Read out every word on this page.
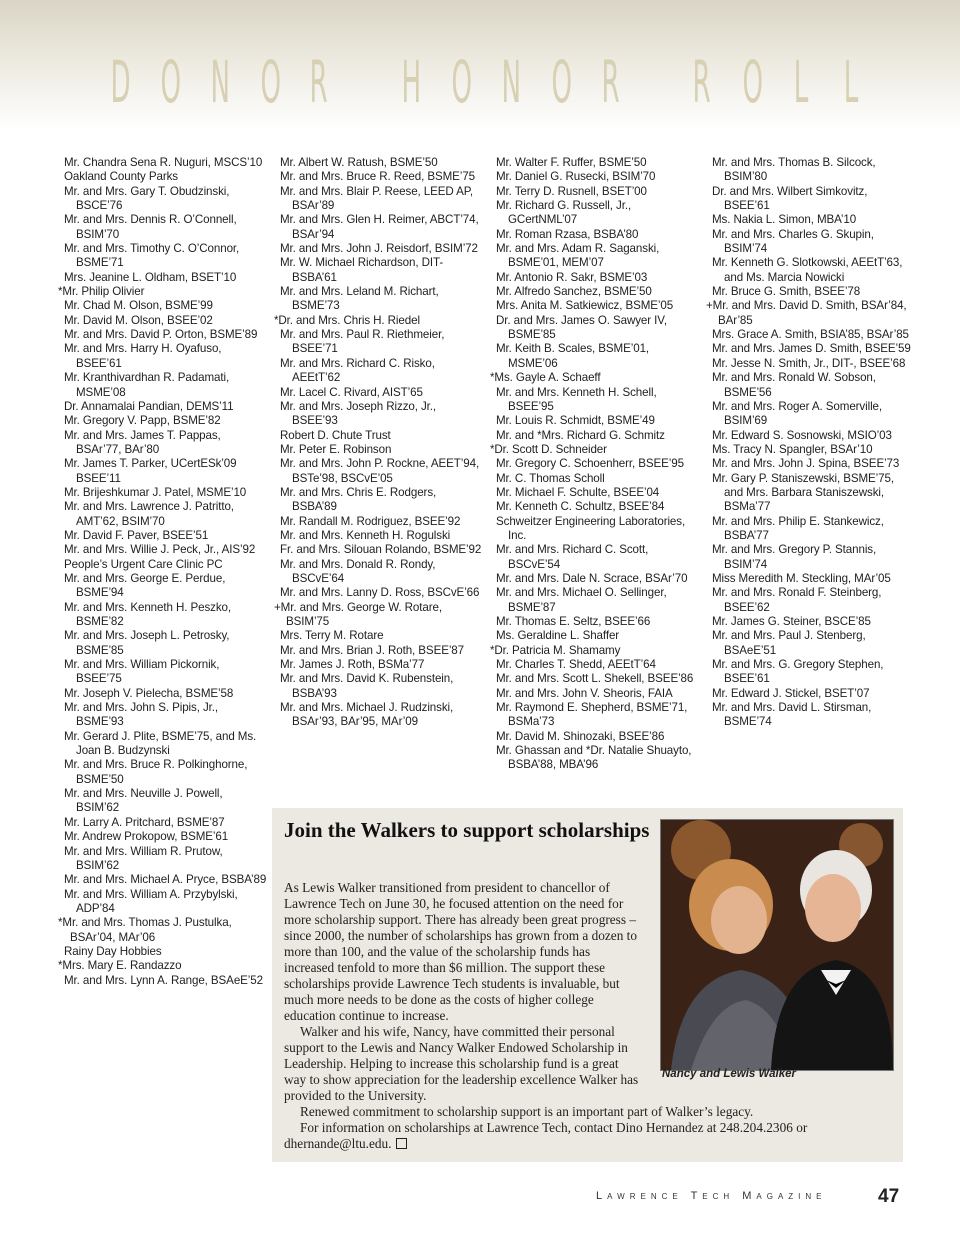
D O N O R H O N O R R O L L
Mr. Chandra Sena R. Nuguri, MSCS’10
Oakland County Parks
Mr. and Mrs. Gary T. Obudzinski, BSCE’76
Mr. and Mrs. Dennis R. O’Connell, BSIM’70
Mr. and Mrs. Timothy C. O’Connor, BSME’71
Mrs. Jeanine L. Oldham, BSET’10
*Mr. Philip Olivier
Mr. Chad M. Olson, BSME’99
Mr. David M. Olson, BSEE’02
Mr. and Mrs. David P. Orton, BSME’89
Mr. and Mrs. Harry H. Oyafuso, BSEE’61
Mr. Kranthivardhan R. Padamati, MSME’08
Dr. Annamalai Pandian, DEMS’11
Mr. Gregory V. Papp, BSME’82
Mr. and Mrs. James T. Pappas, BSAr’77, BAr’80
Mr. James T. Parker, UCertESk’09 BSEE’11
Mr. Brijeshkumar J. Patel, MSME’10
Mr. and Mrs. Lawrence J. Patritto, AMT’62, BSIM’70
Mr. David F. Paver, BSEE’51
Mr. and Mrs. Willie J. Peck, Jr., AIS’92
People’s Urgent Care Clinic PC
Mr. and Mrs. George E. Perdue, BSME’94
Mr. and Mrs. Kenneth H. Peszko, BSME’82
Mr. and Mrs. Joseph L. Petrosky, BSME’85
Mr. and Mrs. William Pickornik, BSEE’75
Mr. Joseph V. Pielecha, BSME’58
Mr. and Mrs. John S. Pipis, Jr., BSME’93
Mr. Gerard J. Plite, BSME’75, and Ms. Joan B. Budzynski
Mr. and Mrs. Bruce R. Polkinghorne, BSME’50
Mr. and Mrs. Neuville J. Powell, BSIM’62
Mr. Larry A. Pritchard, BSME’87
Mr. Andrew Prokopow, BSME’61
Mr. and Mrs. William R. Prutow, BSIM’62
Mr. and Mrs. Michael A. Pryce, BSBA’89
Mr. and Mrs. William A. Przybylski, ADP’84
*Mr. and Mrs. Thomas J. Pustulka, BSAr’04, MAr’06
Rainy Day Hobbies
*Mrs. Mary E. Randazzo
Mr. and Mrs. Lynn A. Range, BSAeE’52
Mr. Albert W. Ratush, BSME’50
Mr. and Mrs. Bruce R. Reed, BSME’75
Mr. and Mrs. Blair P. Reese, LEED AP, BSAr’89
Mr. and Mrs. Glen H. Reimer, ABCT’74, BSAr’94
Mr. and Mrs. John J. Reisdorf, BSIM’72
Mr. W. Michael Richardson, DIT-BSBA’61
Mr. and Mrs. Leland M. Richart, BSME’73
*Dr. and Mrs. Chris H. Riedel
Mr. and Mrs. Paul R. Riethmeier, BSEE’71
Mr. and Mrs. Richard C. Risko, AEEtT’62
Mr. Lacel C. Rivard, AIST’65
Mr. and Mrs. Joseph Rizzo, Jr., BSEE’93
Robert D. Chute Trust
Mr. Peter E. Robinson
Mr. and Mrs. John P. Rockne, AEET’94, BSTe’98, BSCvE’05
Mr. and Mrs. Chris E. Rodgers, BSBA’89
Mr. Randall M. Rodriguez, BSEE’92
Mr. and Mrs. Kenneth H. Rogulski
Fr. and Mrs. Silouan Rolando, BSME’92
Mr. and Mrs. Donald R. Rondy, BSCvE’64
Mr. and Mrs. Lanny D. Ross, BSCvE’66
+Mr. and Mrs. George W. Rotare, BSIM’75
Mrs. Terry M. Rotare
Mr. and Mrs. Brian J. Roth, BSEE’87
Mr. James J. Roth, BSMa’77
Mr. and Mrs. David K. Rubenstein, BSBA’93
Mr. and Mrs. Michael J. Rudzinski, BSAr’93, BAr’95, MAr’09
Mr. Walter F. Ruffer, BSME’50
Mr. Daniel G. Rusecki, BSIM’70
Mr. Terry D. Rusnell, BSET’00
Mr. Richard G. Russell, Jr., GCertNML’07
Mr. Roman Rzasa, BSBA’80
Mr. and Mrs. Adam R. Saganski, BSME’01, MEM’07
Mr. Antonio R. Sakr, BSME’03
Mr. Alfredo Sanchez, BSME’50
Mrs. Anita M. Satkiewicz, BSME’05
Dr. and Mrs. James O. Sawyer IV, BSME’85
Mr. Keith B. Scales, BSME’01, MSME’06
*Ms. Gayle A. Schaeff
Mr. and Mrs. Kenneth H. Schell, BSEE’95
Mr. Louis R. Schmidt, BSME’49
Mr. and *Mrs. Richard G. Schmitz
*Dr. Scott D. Schneider
Mr. Gregory C. Schoenherr, BSEE’95
Mr. C. Thomas Scholl
Mr. Michael F. Schulte, BSEE’04
Mr. Kenneth C. Schultz, BSEE’84
Schweitzer Engineering Laboratories, Inc.
Mr. and Mrs. Richard C. Scott, BSCvE’54
Mr. and Mrs. Dale N. Scrace, BSAr’70
Mr. and Mrs. Michael O. Sellinger, BSME’87
Mr. Thomas E. Seltz, BSEE’66
Ms. Geraldine L. Shaffer
*Dr. Patricia M. Shamamy
Mr. Charles T. Shedd, AEEtT’64
Mr. and Mrs. Scott L. Shekell, BSEE’86
Mr. and Mrs. John V. Sheoris, FAIA
Mr. Raymond E. Shepherd, BSME’71, BSMa’73
Mr. David M. Shinozaki, BSEE’86
Mr. Ghassan and *Dr. Natalie Shuayto, BSBA’88, MBA’96
Mr. and Mrs. Thomas B. Silcock, BSIM’80
Dr. and Mrs. Wilbert Simkovitz, BSEE’61
Ms. Nakia L. Simon, MBA’10
Mr. and Mrs. Charles G. Skupin, BSIM’74
Mr. Kenneth G. Slotkowski, AEEtT’63, and Ms. Marcia Nowicki
Mr. Bruce G. Smith, BSEE’78
+Mr. and Mrs. David D. Smith, BSAr’84, BAr’85
Mrs. Grace A. Smith, BSIA’85, BSAr’85
Mr. and Mrs. James D. Smith, BSEE’59
Mr. Jesse N. Smith, Jr., DIT-, BSEE’68
Mr. and Mrs. Ronald W. Sobson, BSME’56
Mr. and Mrs. Roger A. Somerville, BSIM’69
Mr. Edward S. Sosnowski, MSIO’03
Ms. Tracy N. Spangler, BSAr’10
Mr. and Mrs. John J. Spina, BSEE’73
Mr. Gary P. Staniszewski, BSME’75, and Mrs. Barbara Staniszewski, BSMa’77
Mr. and Mrs. Philip E. Stankewicz, BSBA’77
Mr. and Mrs. Gregory P. Stannis, BSIM’74
Miss Meredith M. Steckling, MAr’05
Mr. and Mrs. Ronald F. Steinberg, BSEE’62
Mr. James G. Steiner, BSCE’85
Mr. and Mrs. Paul J. Stenberg, BSAeE’51
Mr. and Mrs. G. Gregory Stephen, BSEE’61
Mr. Edward J. Stickel, BSET’07
Mr. and Mrs. David L. Stirsman, BSME’74
Join the Walkers to support scholarships

As Lewis Walker transitioned from president to chancellor of Lawrence Tech on June 30, he focused attention on the need for more scholarship support. There has already been great progress – since 2000, the number of scholarships has grown from a dozen to more than 100, and the value of the scholarship funds has increased tenfold to more than $6 million. The support these scholarships provide Lawrence Tech students is invaluable, but much more needs to be done as the costs of higher college education continue to increase.

Walker and his wife, Nancy, have committed their personal support to the Lewis and Nancy Walker Endowed Scholarship in Leadership. Helping to increase this scholarship fund is a great way to show appreciation for the leadership excellence Walker has provided to the University.

Renewed commitment to scholarship support is an important part of Walker’s legacy.

For information on scholarships at Lawrence Tech, contact Dino Hernandez at 248.204.2306 or dhernande@ltu.edu.

Nancy and Lewis Walker
Lawrence Tech Magazine	47
